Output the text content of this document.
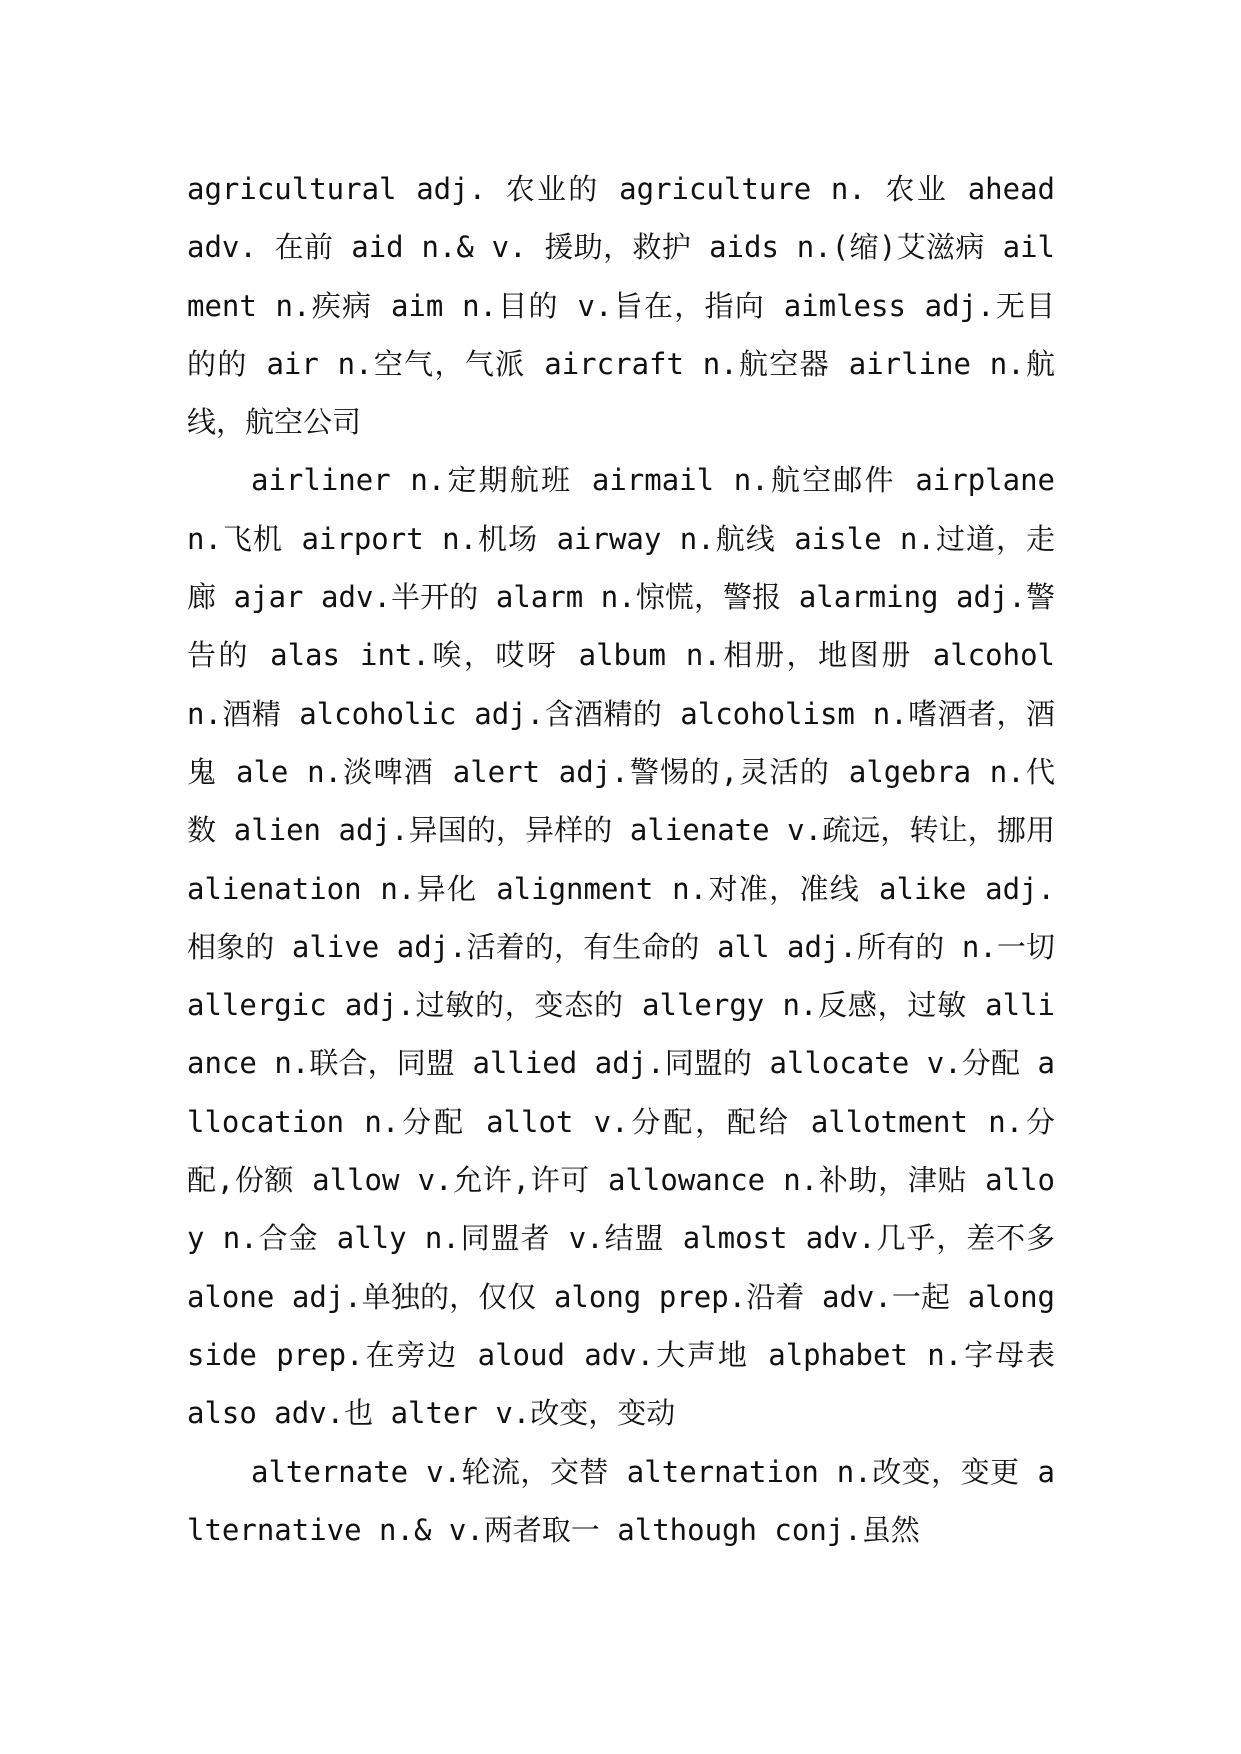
agricultural adj. 农业的 agriculture n. 农业 ahead adv. 在前 aid n.& v. 援助，救护 aids n.(缩)艾滋病 ailment n.疾病 aim n.目的 v.旨在，指向 aimless adj.无目的的 air n.空气，气派 aircraft n.航空器 airline n.航线，航空公司

airliner n.定期航班 airmail n.航空邮件 airplane n.飞机 airport n.机场 airway n.航线 aisle n.过道，走廊 ajar adv.半开的 alarm n.惊慌，警报 alarming adj.警告的 alas int.唉，哎呀 album n.相册，地图册 alcohol n.酒精 alcoholic adj.含酒精的 alcoholism n.嗜酒者，酒鬼 ale n.淡啤酒 alert adj.警惕的,灵活的 algebra n.代数 alien adj.异国的，异样的 alienate v.疏远，转让，挪用 alienation n.异化 alignment n.对准，准线 alike adj.相象的 alive adj.活着的，有生命的 all adj.所有的 n.一切 allergic adj.过敏的，变态的 allergy n.反感，过敏 alliance n.联合，同盟 allied adj.同盟的 allocate v.分配 allocation n.分配 allot v.分配，配给 allotment n.分配,份额 allow v.允许,许可 allowance n.补助，津贴 alloy n.合金 ally n.同盟者 v.结盟 almost adv.几乎，差不多 alone adj.单独的，仅仅 along prep.沿着 adv.一起 alongside prep.在旁边 aloud adv.大声地 alphabet n.字母表 also adv.也 alter v.改变，变动

alternate v.轮流，交替 alternation n.改变，变更 alternative n.& v.两者取一 although conj.虽然
